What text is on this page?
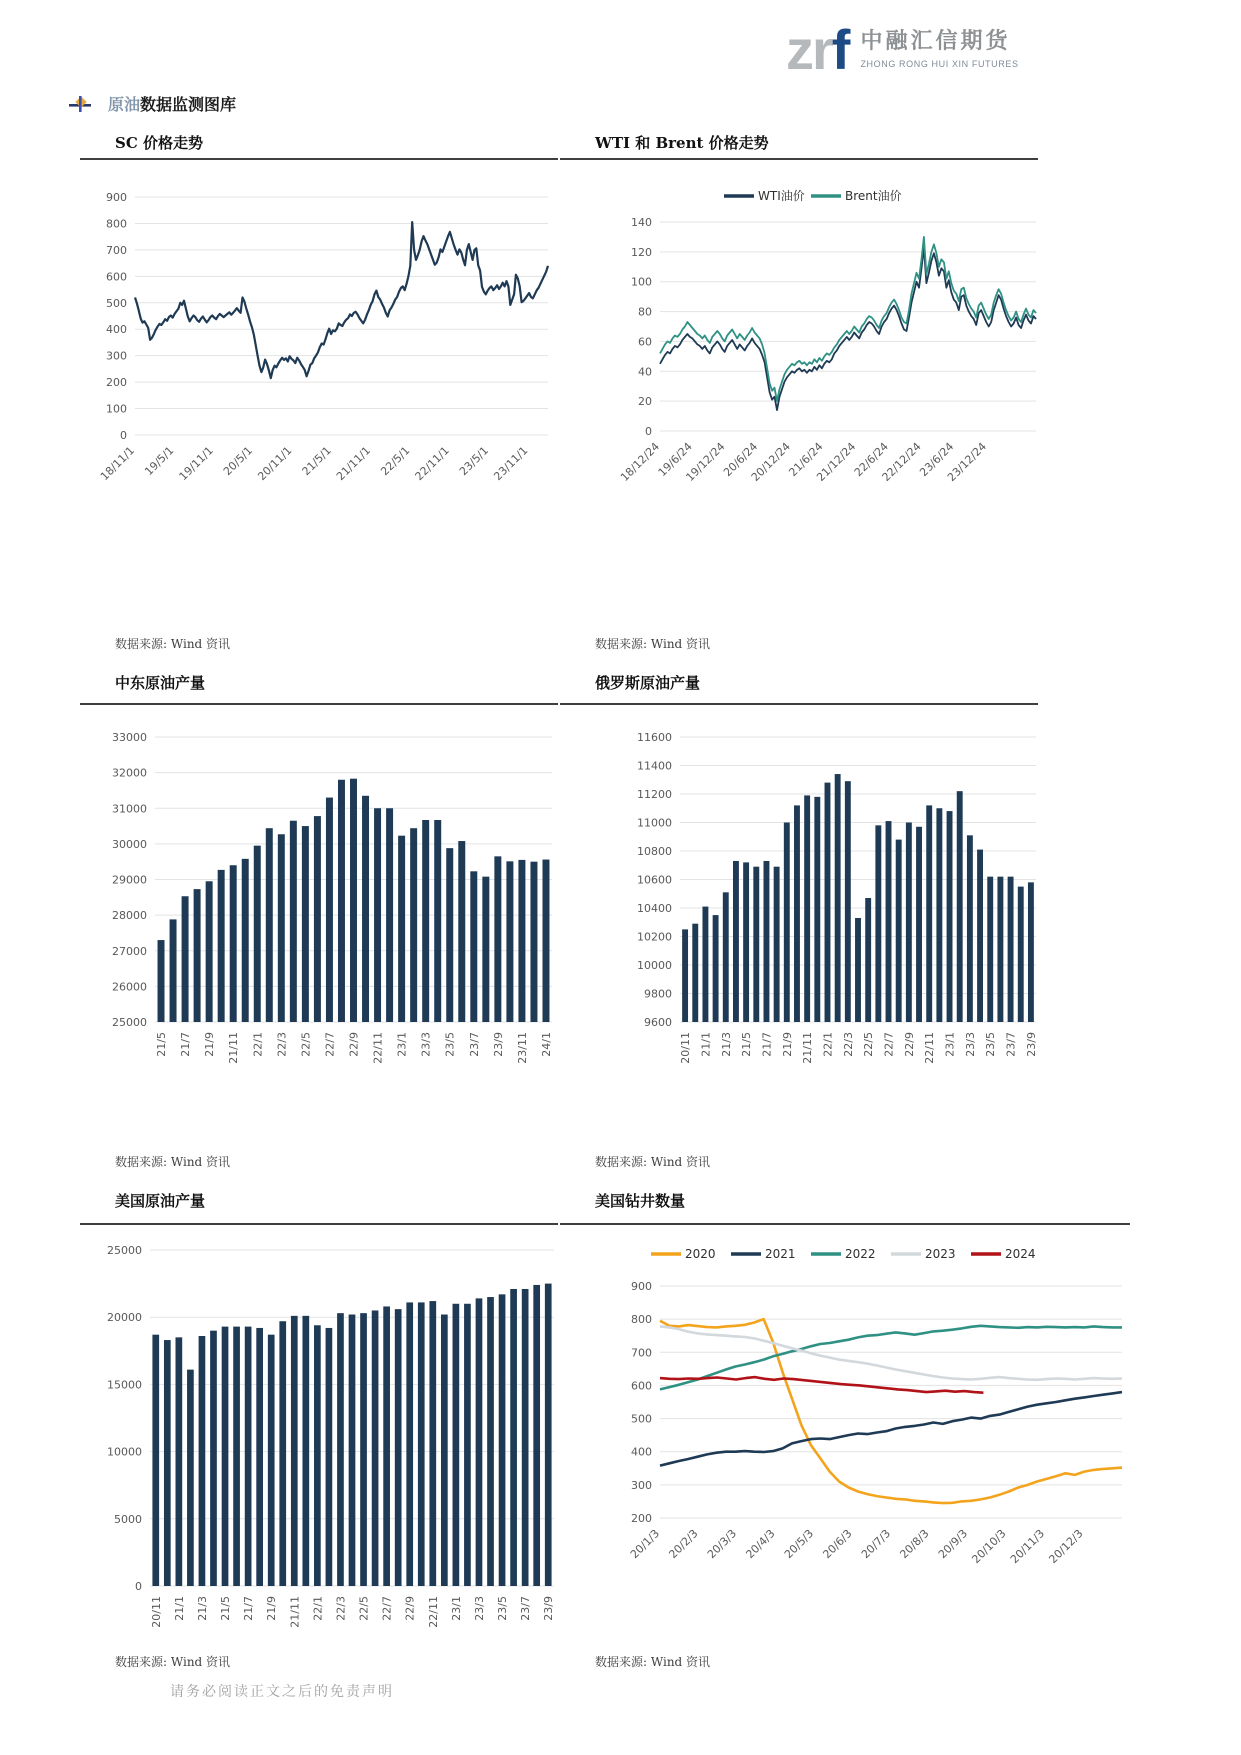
zrf 中融汇信期货
ZHONG RONG HUI XIN FUTURES
原油数据监测图库
SC 价格走势
0
100
200
300
400
500
600
700
800
900
18/11/1 19/5/1 19/11/1 20/5/1 20/11/1 21/5/1 21/11/1 22/5/1 22/11/1 23/5/1 23/11/1
数据来源: Wind 资讯
WTI 和 Brent 价格走势
0
20
40
60
80
100
120
140
18/12/24
19/6/24
19/12/24
20/6/24
20/12/24
21/6/24
21/12/24
22/6/24
22/12/24
23/6/24
23/12/24
WTI油价	Brent油价
数据来源: Wind 资讯
中东原油产量
25000
26000
27000
28000
29000
30000
31000
32000
33000
21/5 21/7 21/9 21/11 22/1 22/3 22/5 22/7 22/9 22/11 23/1 23/3 23/5 23/7 23/9 23/11 24/1
数据来源: Wind 资讯
俄罗斯原油产量
9600
9800
10000
10200
10400
10600
10800
11000
11200
11400
11600
20/11 21/1 21/3 21/5 21/7 21/9 21/11 22/1 22/3 22/5 22/7 22/9 22/11 23/1 23/3 23/5 23/7 23/9
数据来源: Wind 资讯
美国原油产量
0
5000
10000
15000
20000
25000
20/11 21/1 21/3 21/5 21/7 21/9 21/11 22/1 22/3 22/5 22/7 22/9 22/11 23/1 23/3 23/5 23/7 23/9
数据来源: Wind 资讯
美国钻井数量
200
300
400
500
600
700
800
900
20/1/3 20/2/3 20/3/3 20/4/3 20/5/3 20/6/3 20/7/3 20/8/3 20/9/3 20/10/3 20/11/3 20/12/3
2020	2021	2022	2023	2024
数据来源: Wind 资讯
请务必阅读正文之后的免责声明
